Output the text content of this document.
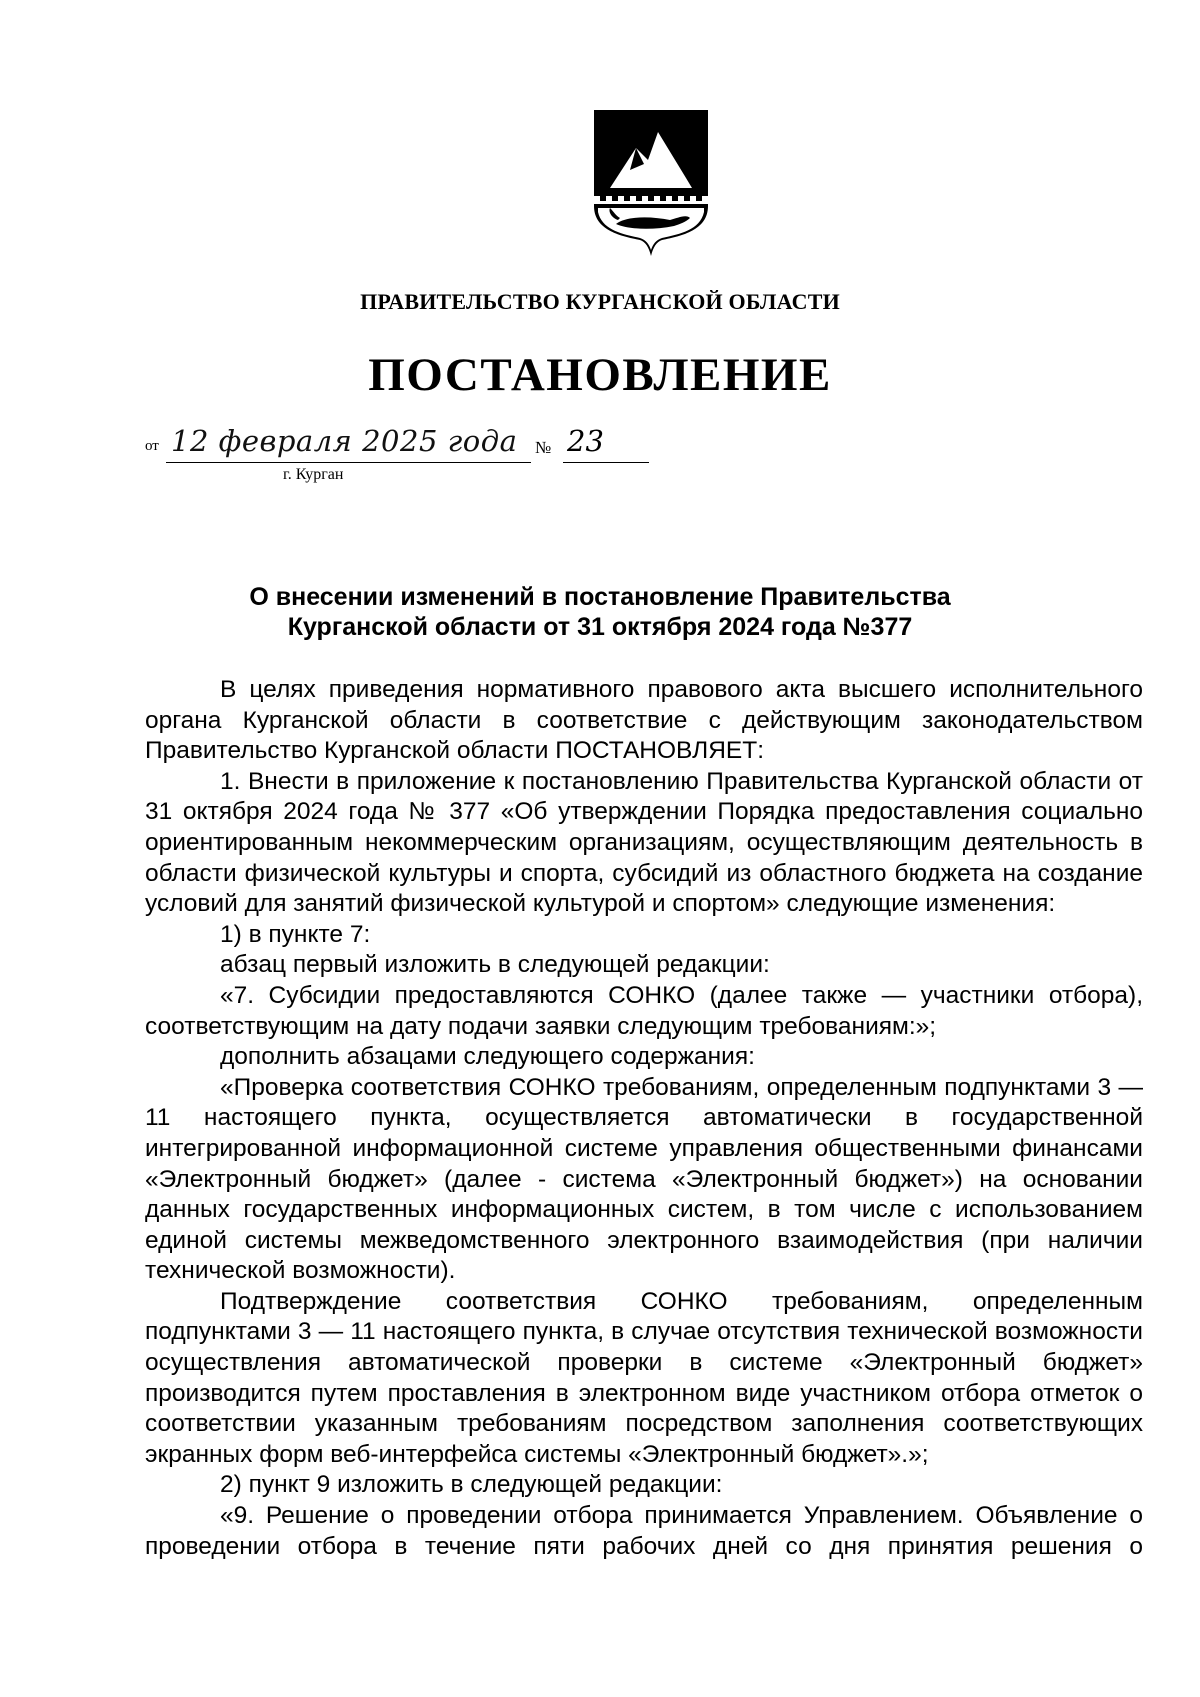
ПРАВИТЕЛЬСТВО КУРГАНСКОЙ ОБЛАСТИ
ПОСТАНОВЛЕНИЕ
от 12 февраля 2025 года № 23
г. Курган
О внесении изменений в постановление Правительства
Курганской области от 31 октября 2024 года №377

В целях приведения нормативного правового акта высшего исполнительного органа Курганской области в соответствие с действующим законодательством Правительство Курганской области ПОСТАНОВЛЯЕТ:

1. Внести в приложение к постановлению Правительства Курганской области от 31 октября 2024 года № 377 «Об утверждении Порядка предоставления социально ориентированным некоммерческим организациям, осуществляющим деятельность в области физической культуры и спорта, субсидий из областного бюджета на создание условий для занятий физической культурой и спортом» следующие изменения:

1) в пункте 7:

абзац первый изложить в следующей редакции:

«7. Субсидии предоставляются СОНКО (далее также — участники отбора), соответствующим на дату подачи заявки следующим требованиям:»;

дополнить абзацами следующего содержания:

«Проверка соответствия СОНКО требованиям, определенным подпунктами 3 — 11 настоящего пункта, осуществляется автоматически в государственной интегрированной информационной системе управления общественными финансами «Электронный бюджет» (далее - система «Электронный бюджет») на основании данных государственных информационных систем, в том числе с использованием единой системы межведомственного электронного взаимодействия (при наличии технической возможности).

Подтверждение соответствия СОНКО требованиям, определенным подпунктами 3 — 11 настоящего пункта, в случае отсутствия технической возможности осуществления автоматической проверки в системе «Электронный бюджет» производится путем проставления в электронном виде участником отбора отметок о соответствии указанным требованиям посредством заполнения соответствующих экранных форм веб-интерфейса системы «Электронный бюджет».»;

2) пункт 9 изложить в следующей редакции:

«9. Решение о проведении отбора принимается Управлением. Объявление о проведении отбора в течение пяти рабочих дней со дня принятия решения о
